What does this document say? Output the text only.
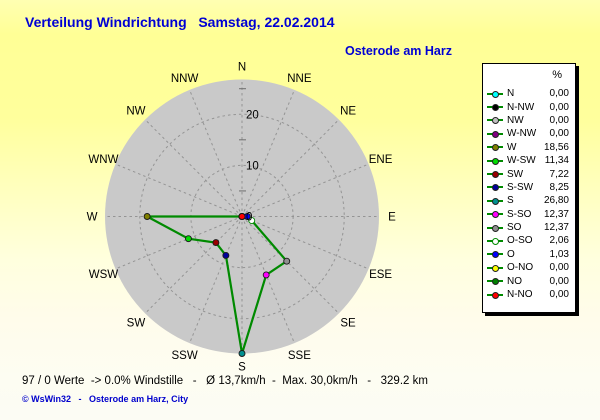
Verteilung Windrichtung   Samstag, 22.02.2014
Osterode am Harz
10
20
0
N
NNE
NE
ENE
E
ESE
SE
SSE
S
SSW
SW
WSW
W
WNW
NW
NNW	%
N	0,00
N-NW	0,00
NW	0,00
W-NW	0,00
W	18,56
W-SW 11,34
SW	7,22
S-SW	8,25
S	26,80
S-SO	12,37
SO	12,37
O-SO	2,06
O	1,03
O-NO	0,00
NO	0,00
N-NO	0,00
97 / 0 Werte  -> 0.0% Windstille   -   Ø 13,7km/h  -  Max. 30,0km/h   -   329.2 km
© WsWin32   -   Osterode am Harz, City
